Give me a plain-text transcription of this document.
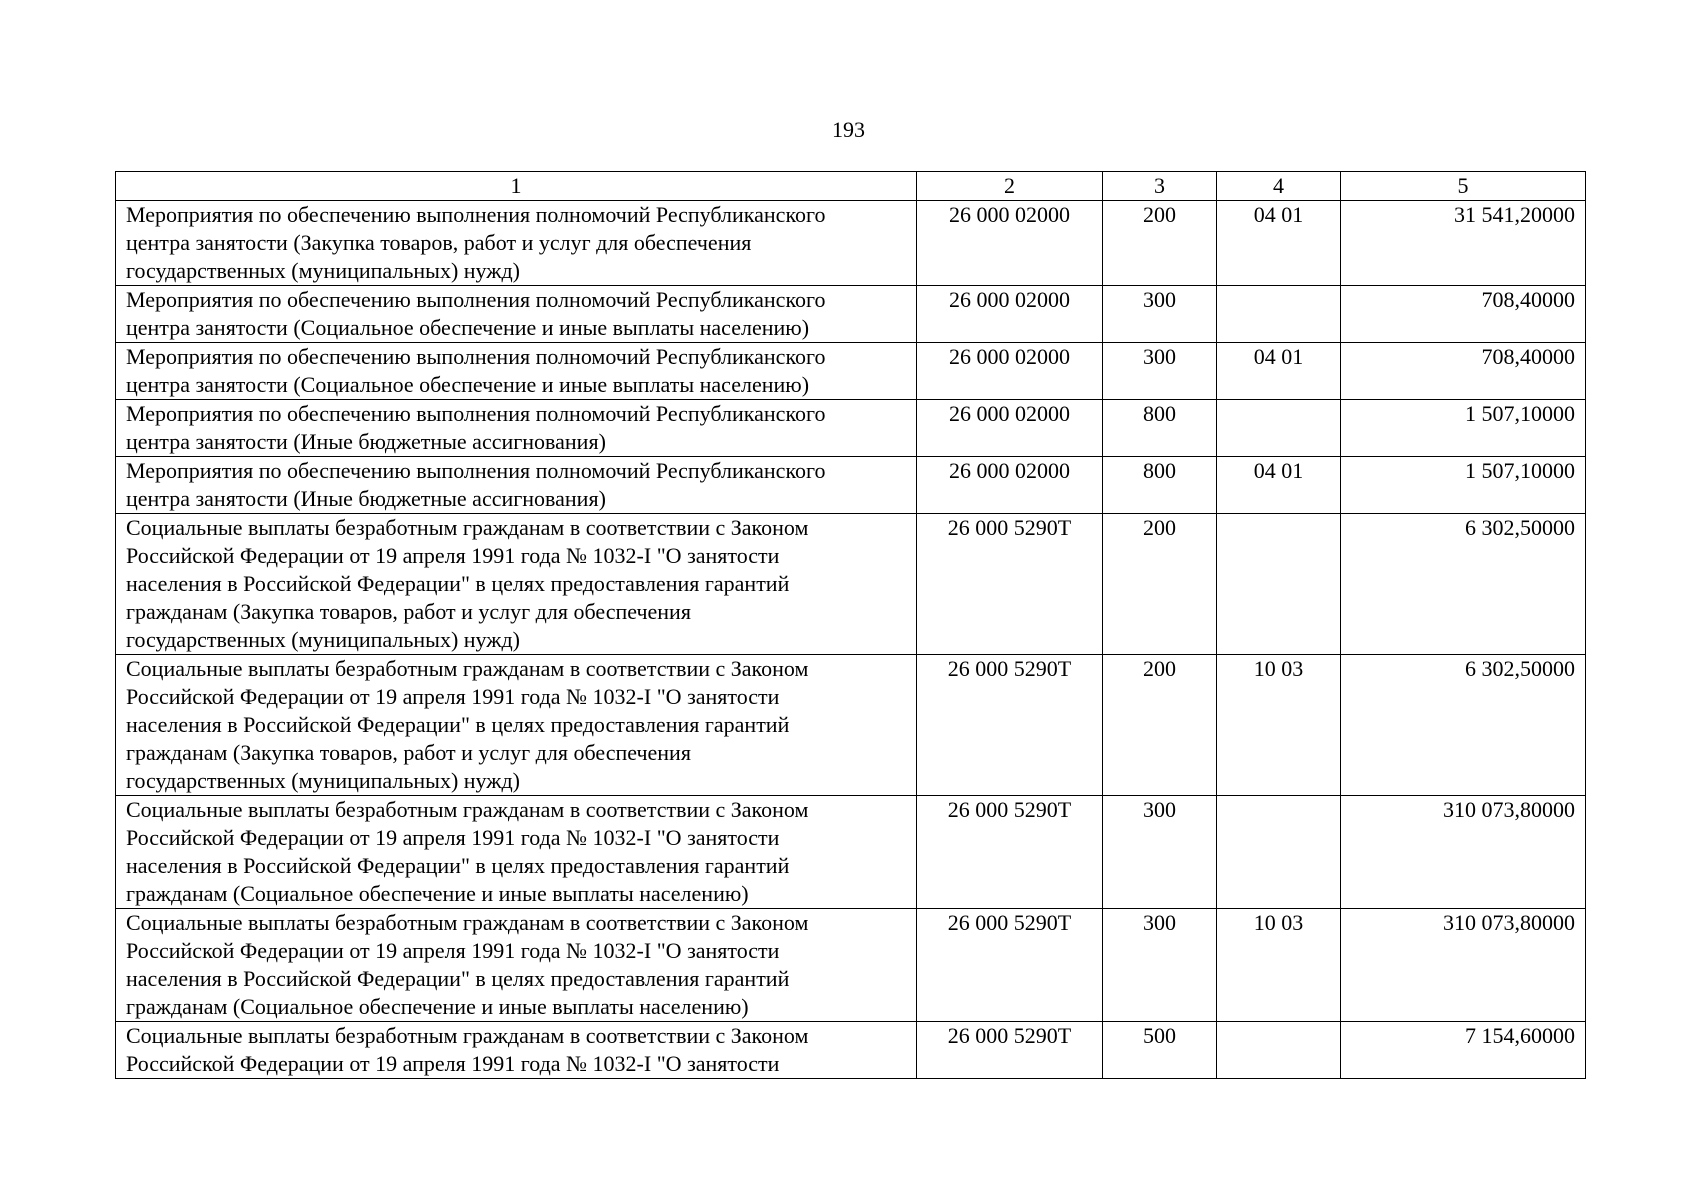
193
1	2	3	4	5

Мероприятия по обеспечению выполнения полномочий Республиканского
центра занятости (Закупка товаров, работ и услуг для обеспечения
государственных (муниципальных) нужд)	26 000 02000	200	04 01	31 541,20000

Мероприятия по обеспечению выполнения полномочий Республиканского
центра занятости (Социальное обеспечение и иные выплаты населению)	26 000 02000	300		708,40000

Мероприятия по обеспечению выполнения полномочий Республиканского
центра занятости (Социальное обеспечение и иные выплаты населению)	26 000 02000	300	04 01	708,40000

Мероприятия по обеспечению выполнения полномочий Республиканского
центра занятости (Иные бюджетные ассигнования)	26 000 02000	800		1 507,10000

Мероприятия по обеспечению выполнения полномочий Республиканского
центра занятости (Иные бюджетные ассигнования)	26 000 02000	800	04 01	1 507,10000

Социальные выплаты безработным гражданам в соответствии с Законом
Российской Федерации от 19 апреля 1991 года № 1032-I "О занятости
населения в Российской Федерации" в целях предоставления гарантий
гражданам (Закупка товаров, работ и услуг для обеспечения
государственных (муниципальных) нужд)	26 000 5290Т	200		6 302,50000

Социальные выплаты безработным гражданам в соответствии с Законом
Российской Федерации от 19 апреля 1991 года № 1032-I "О занятости
населения в Российской Федерации" в целях предоставления гарантий
гражданам (Закупка товаров, работ и услуг для обеспечения
государственных (муниципальных) нужд)	26 000 5290Т	200	10 03	6 302,50000

Социальные выплаты безработным гражданам в соответствии с Законом
Российской Федерации от 19 апреля 1991 года № 1032-I "О занятости
населения в Российской Федерации" в целях предоставления гарантий
гражданам (Социальное обеспечение и иные выплаты населению)	26 000 5290Т	300		310 073,80000

Социальные выплаты безработным гражданам в соответствии с Законом
Российской Федерации от 19 апреля 1991 года № 1032-I "О занятости
населения в Российской Федерации" в целях предоставления гарантий
гражданам (Социальное обеспечение и иные выплаты населению)	26 000 5290Т	300	10 03	310 073,80000

Социальные выплаты безработным гражданам в соответствии с Законом
Российской Федерации от 19 апреля 1991 года № 1032-I "О занятости	26 000 5290Т	500		7 154,60000
